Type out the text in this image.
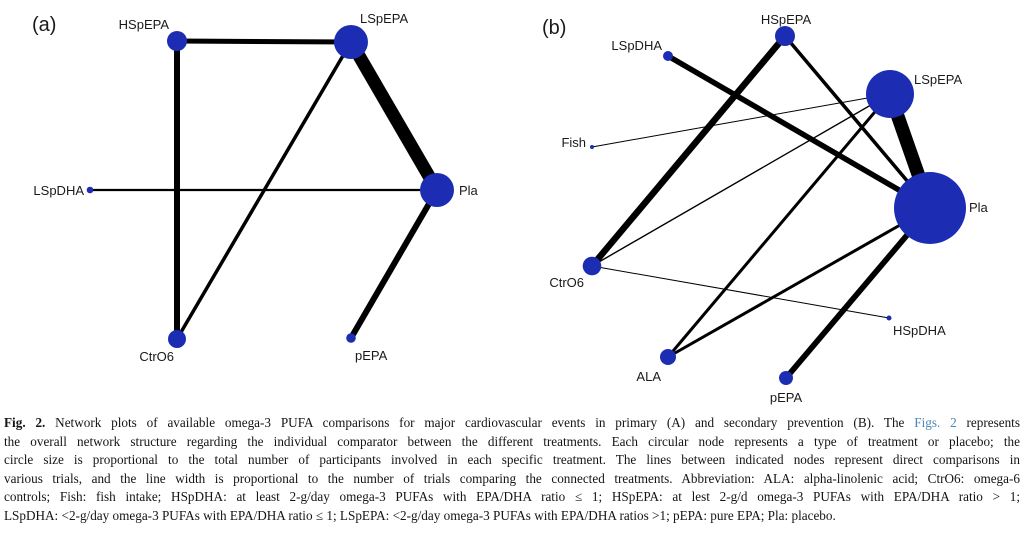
(a)	HSpEPA	LSpEPA
LSpDHA	Pla
CtrO6	pEPA
(b)	HSpEPA
LSpDHA
LSpEPA
Fish
Pla
CtrO6
HSpDHA
ALA
pEPA
Fig. 2. Network plots of available omega-3 PUFA comparisons for major cardiovascular events in primary (A) and secondary prevention (B). The Figs. 2 represents
the overall network structure regarding the individual comparator between the different treatments. Each circular node represents a type of treatment or placebo; the
circle size is proportional to the total number of participants involved in each specific treatment. The lines between indicated nodes represent direct comparisons in
various trials, and the line width is proportional to the number of trials comparing the connected treatments. Abbreviation: ALA: alpha-linolenic acid; CtrO6: omega-6
controls; Fish: fish intake; HSpDHA: at least 2-g/day omega-3 PUFAs with EPA/DHA ratio ≤ 1; HSpEPA: at lest 2-g/d omega-3 PUFAs with EPA/DHA ratio > 1;
LSpDHA: <2-g/day omega-3 PUFAs with EPA/DHA ratio ≤ 1; LSpEPA: <2-g/day omega-3 PUFAs with EPA/DHA ratios >1; pEPA: pure EPA; Pla: placebo.
